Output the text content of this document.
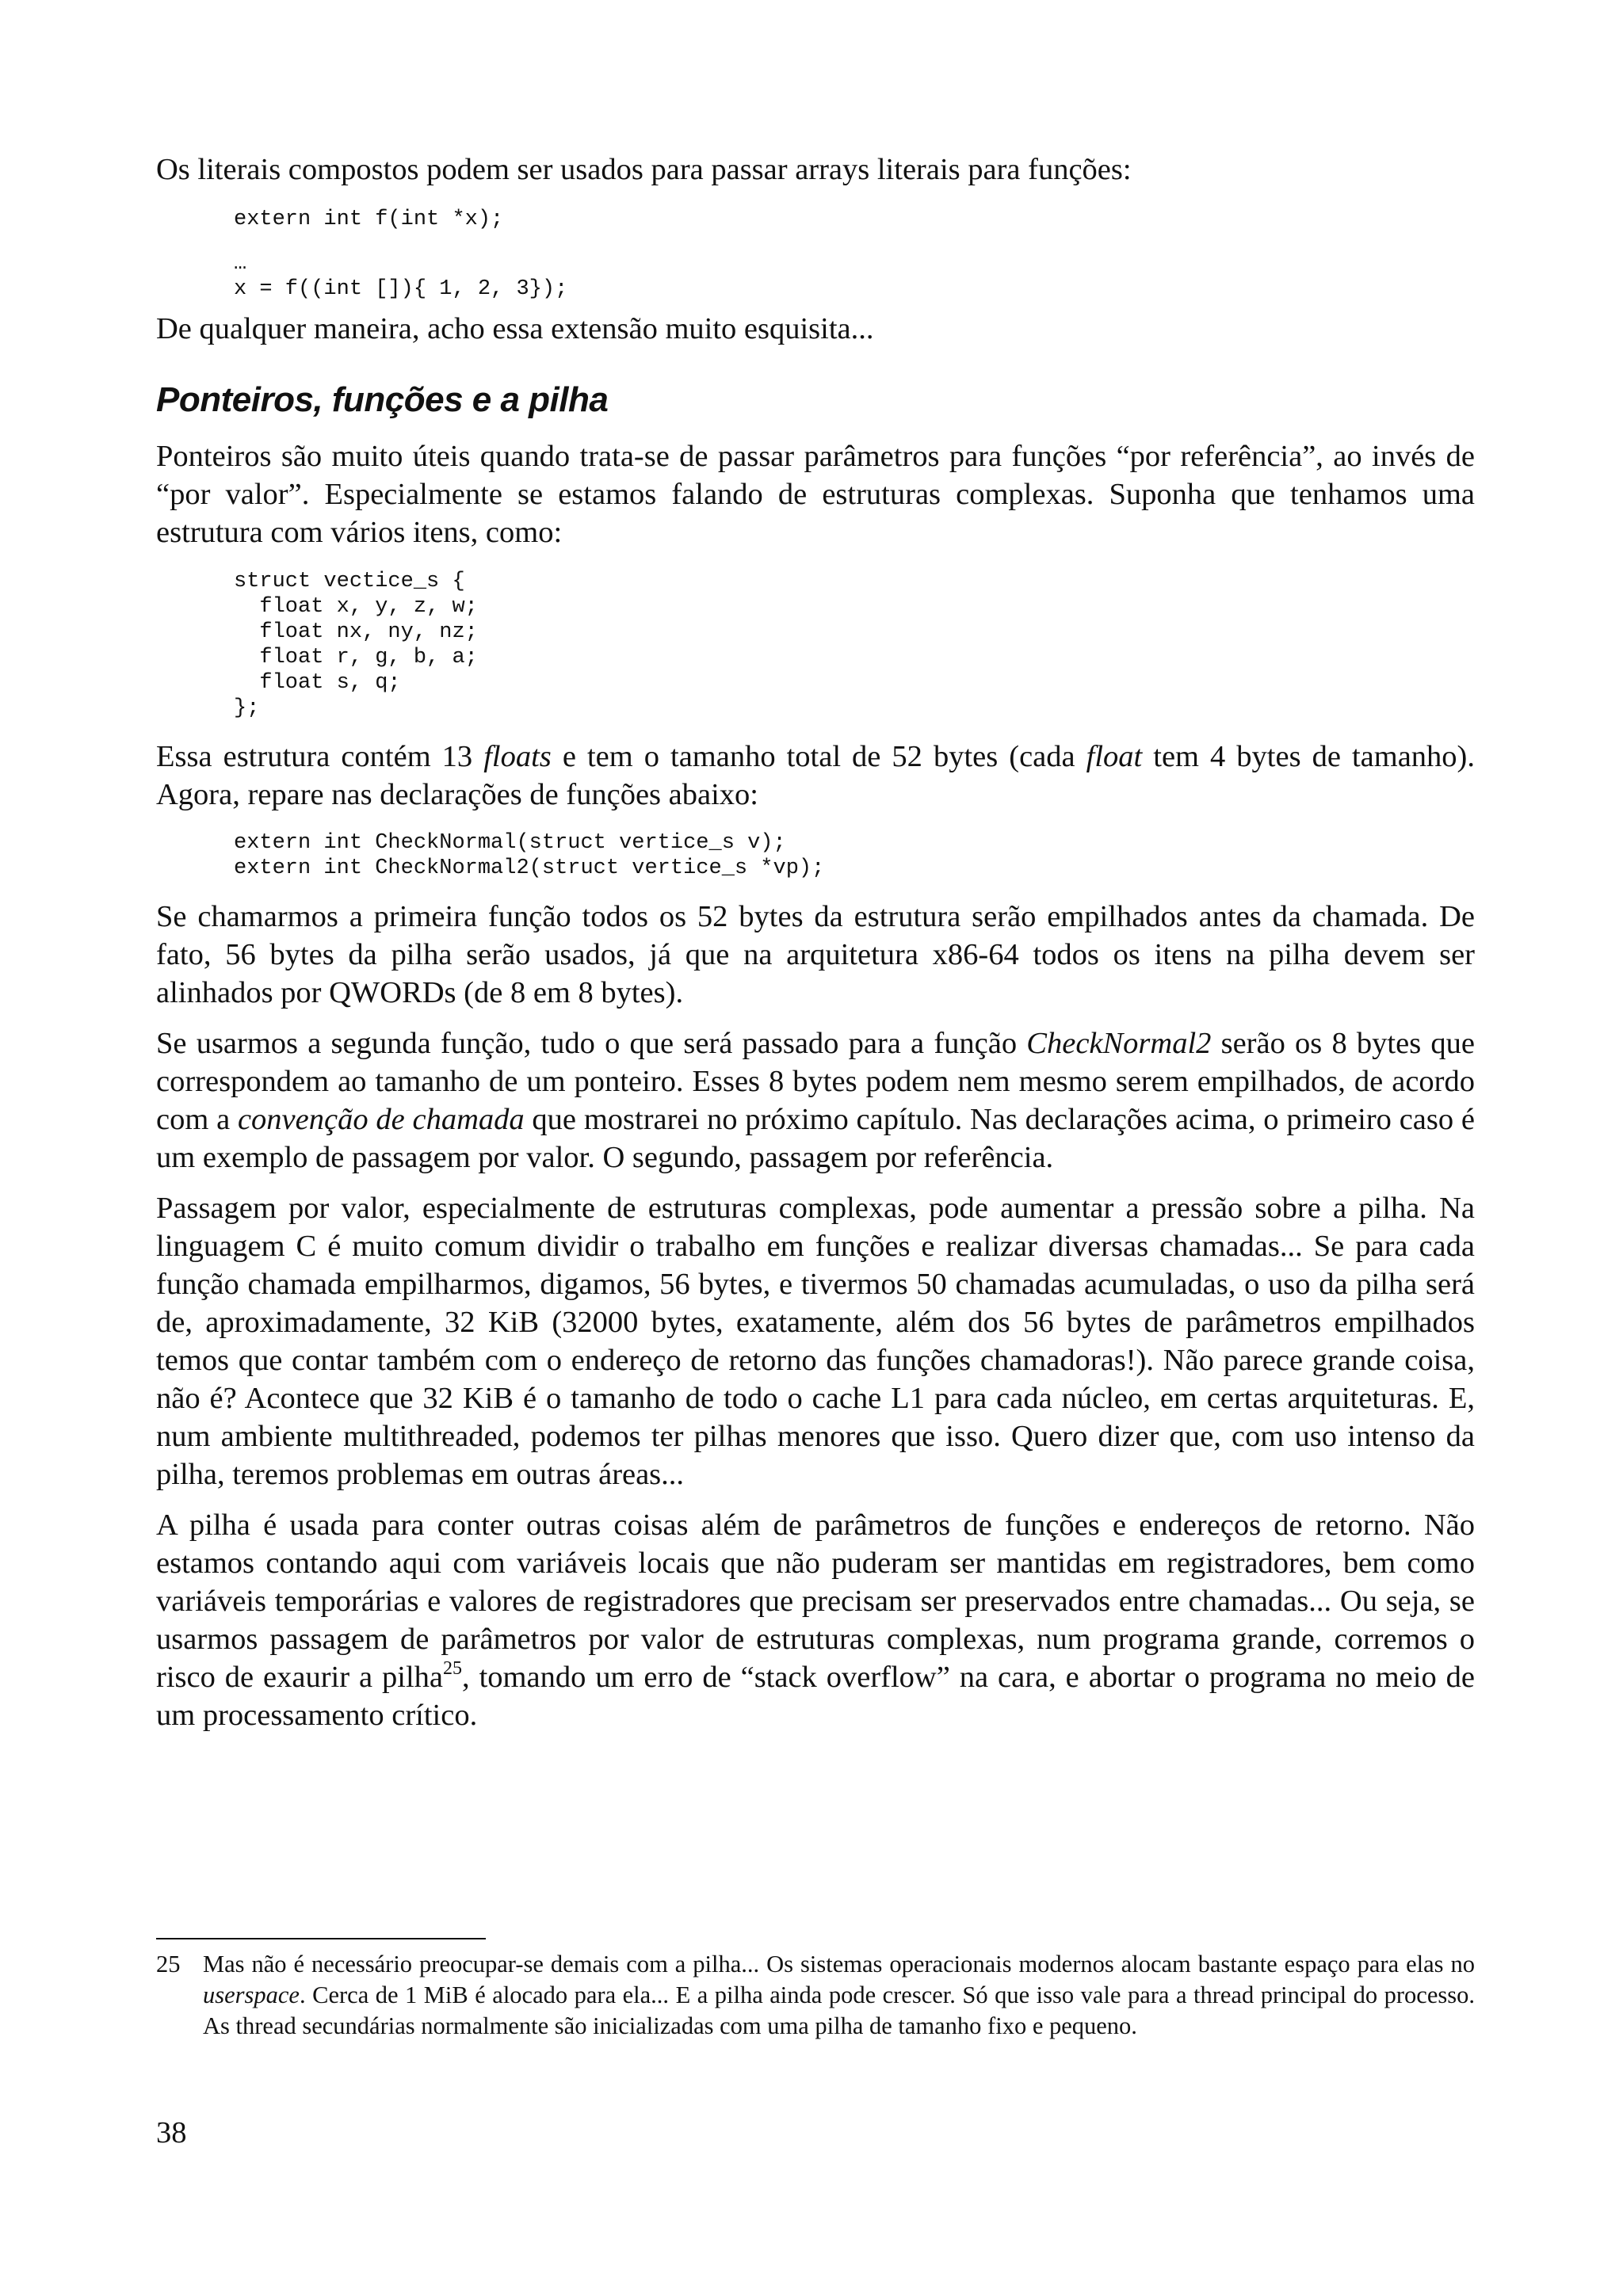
Os literais compostos podem ser usados para passar arrays literais para funções:

extern int f(int *x);
…
x = f((int []){ 1, 2, 3});

De qualquer maneira, acho essa extensão muito esquisita...

Ponteiros, funções e a pilha

Ponteiros são muito úteis quando trata-se de passar parâmetros para funções “por referência”, ao invés de “por valor”. Especialmente se estamos falando de estruturas complexas. Suponha que tenhamos uma estrutura com vários itens, como:

struct vectice_s {
float x, y, z, w;
float nx, ny, nz;
float r, g, b, a;
float s, q;
};

Essa estrutura contém 13 floats e tem o tamanho total de 52 bytes (cada float tem 4 bytes de tamanho). Agora, repare nas declarações de funções abaixo:

extern int CheckNormal(struct vertice_s v);
extern int CheckNormal2(struct vertice_s *vp);

Se chamarmos a primeira função todos os 52 bytes da estrutura serão empilhados antes da chamada. De fato, 56 bytes da pilha serão usados, já que na arquitetura x86-64 todos os itens na pilha devem ser alinhados por QWORDs (de 8 em 8 bytes).

Se usarmos a segunda função, tudo o que será passado para a função CheckNormal2 serão os 8 bytes que correspondem ao tamanho de um ponteiro. Esses 8 bytes podem nem mesmo serem empilhados, de acordo com a convenção de chamada que mostrarei no próximo capítulo. Nas declarações acima, o primeiro caso é um exemplo de passagem por valor. O segundo, passagem por referência.

Passagem por valor, especialmente de estruturas complexas, pode aumentar a pressão sobre a pilha. Na linguagem C é muito comum dividir o trabalho em funções e realizar diversas chamadas... Se para cada função chamada empilharmos, digamos, 56 bytes, e tivermos 50 chamadas acumuladas, o uso da pilha será de, aproximadamente, 32 KiB (32000 bytes, exatamente, além dos 56 bytes de parâmetros empilhados temos que contar também com o endereço de retorno das funções chamadoras!). Não parece grande coisa, não é? Acontece que 32 KiB é o tamanho de todo o cache L1 para cada núcleo, em certas arquiteturas. E, num ambiente multithreaded, podemos ter pilhas menores que isso. Quero dizer que, com uso intenso da pilha, teremos problemas em outras áreas...

A pilha é usada para conter outras coisas além de parâmetros de funções e endereços de retorno. Não estamos contando aqui com variáveis locais que não puderam ser mantidas em registradores, bem como variáveis temporárias e valores de registradores que precisam ser preservados entre chamadas... Ou seja, se usarmos passagem de parâmetros por valor de estruturas complexas, num programa grande, corremos o risco de exaurir a pilha$^{25}$, tomando um erro de “stack overflow” na cara, e abortar o programa no meio de um processamento crítico.

25 Mas não é necessário preocupar-se demais com a pilha... Os sistemas operacionais modernos alocam bastante espaço para elas no userspace. Cerca de 1 MiB é alocado para ela... E a pilha ainda pode crescer. Só que isso vale para a thread principal do processo. As thread secundárias normalmente são inicializadas com uma pilha de tamanho fixo e pequeno.
38
